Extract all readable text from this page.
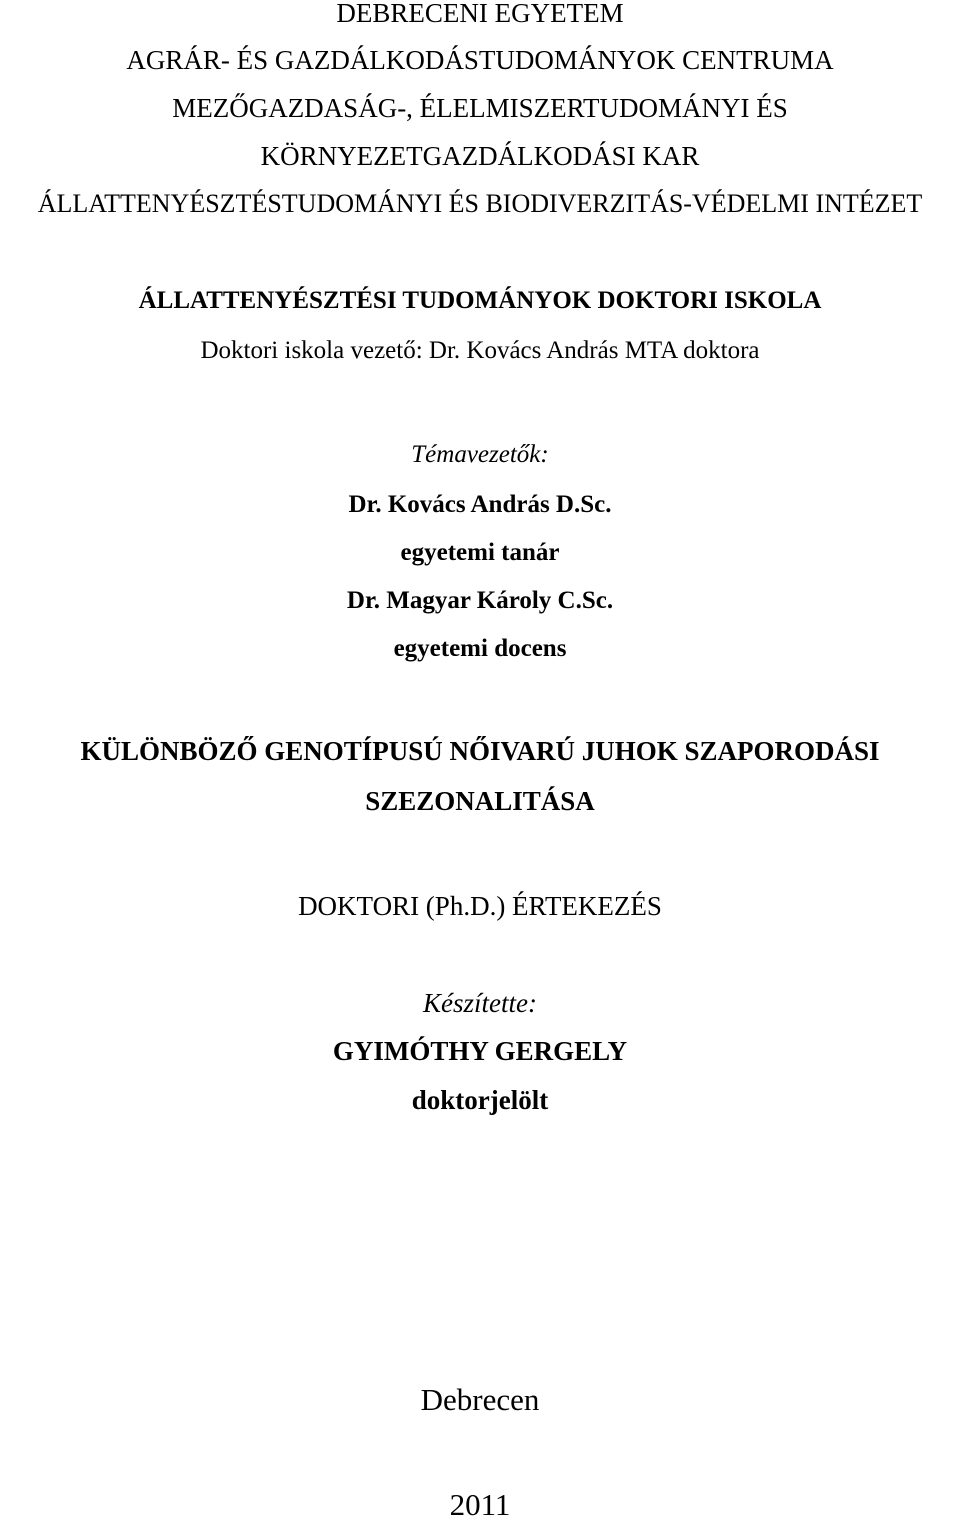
DEBRECENI EGYETEM
AGRÁR- ÉS GAZDÁLKODÁSTUDOMÁNYOK CENTRUMA
MEZŐGAZDASÁG-, ÉLELMISZERTUDOMÁNYI ÉS
KÖRNYEZETGAZDÁLKODÁSI KAR
ÁLLATTENYÉSZTÉSTUDOMÁNYI ÉS BIODIVERZITÁS-VÉDELMI INTÉZET
ÁLLATTENYÉSZTÉSI TUDOMÁNYOK DOKTORI ISKOLA
Doktori iskola vezető: Dr. Kovács András MTA doktora
Témavezetők:
Dr. Kovács András D.Sc.
egyetemi tanár
Dr. Magyar Károly C.Sc.
egyetemi docens
KÜLÖNBÖZŐ GENOTÍPUSÚ NŐIVARÚ JUHOK SZAPORODÁSI
SZEZONALITÁSA
DOKTORI (Ph.D.) ÉRTEKEZÉS
Készítette:
GYIMÓTHY GERGELY
doktorjelölt
Debrecen
2011
